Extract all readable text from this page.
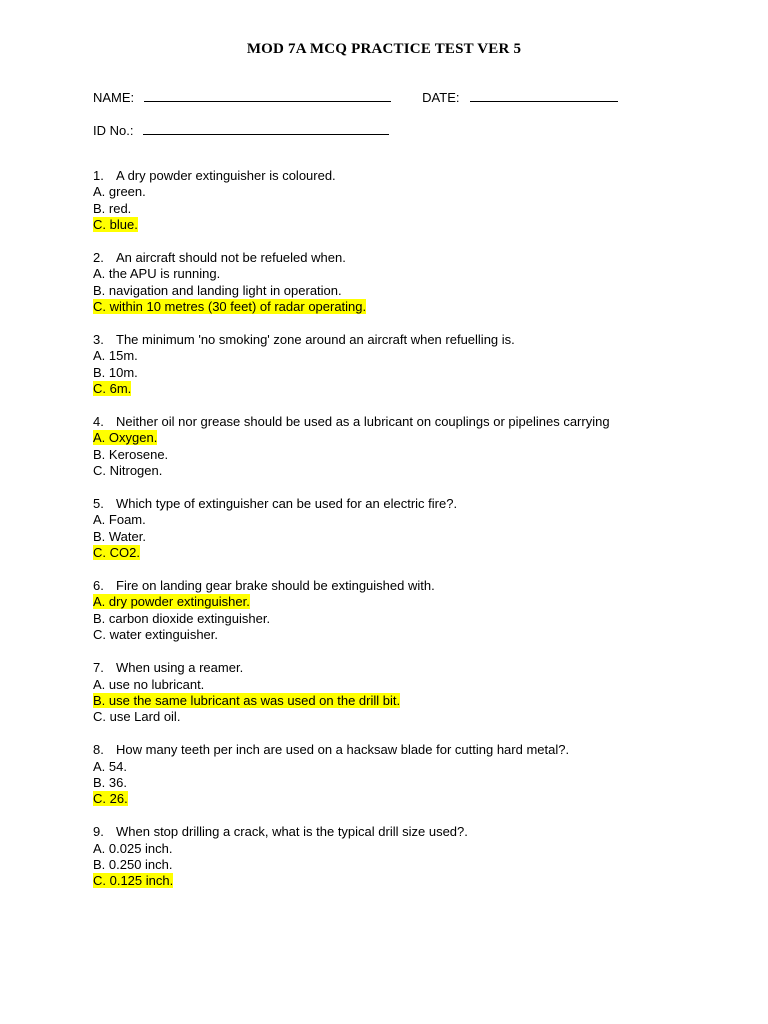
MOD 7A MCQ PRACTICE TEST VER 5
NAME:	DATE:
ID No.:
1. A dry powder extinguisher is coloured.
A. green.
B. red.
C. blue.
2. An aircraft should not be refueled when.
A. the APU is running.
B. navigation and landing light in operation.
C. within 10 metres (30 feet) of radar operating.
3. The minimum 'no smoking' zone around an aircraft when refuelling is.
A. 15m.
B. 10m.
C. 6m.
4. Neither oil nor grease should be used as a lubricant on couplings or pipelines carrying
A. Oxygen.
B. Kerosene.
C. Nitrogen.
5. Which type of extinguisher can be used for an electric fire?.
A. Foam.
B. Water.
C. CO2.
6. Fire on landing gear brake should be extinguished with.
A. dry powder extinguisher.
B. carbon dioxide extinguisher.
C. water extinguisher.
7. When using a reamer.
A. use no lubricant.
B. use the same lubricant as was used on the drill bit.
C. use Lard oil.
8. How many teeth per inch are used on a hacksaw blade for cutting hard metal?.
A. 54.
B. 36.
C. 26.
9. When stop drilling a crack, what is the typical drill size used?.
A. 0.025 inch.
B. 0.250 inch.
C. 0.125 inch.
